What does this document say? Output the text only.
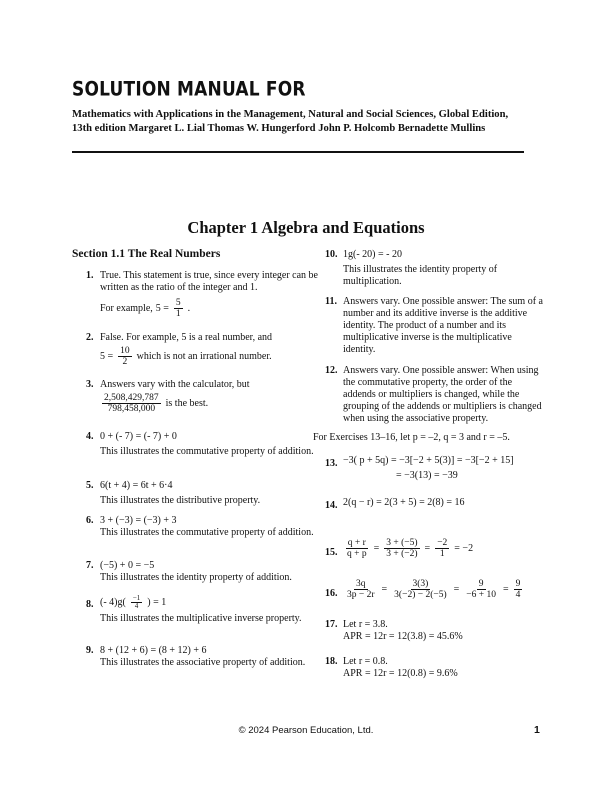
SOLUTION MANUAL FOR
Mathematics with Applications in the Management, Natural and Social Sciences, Global Edition, 13th edition Margaret L. Lial Thomas W. Hungerford John P. Holcomb Bernadette Mullins
Chapter 1 Algebra and Equations
Section 1.1 The Real Numbers
1. True. This statement is true, since every integer can be written as the ratio of the integer and 1.
For example, $5 = \frac{5}{1}$ .
2. False. For example, 5 is a real number, and
$5 = \frac{10}{2}$ which is not an irrational number.
3. Answers vary with the calculator, but
$\frac{2,508,429,787}{798,458,000}$ is the best.
4. 0 + (- 7) = (- 7) + 0
This illustrates the commutative property of addition.
5. 6(t + 4) = 6t + 6·4
This illustrates the distributive property.
6. 3 + (−3) = (−3) + 3
This illustrates the commutative property of addition.
7. (−5) + 0 = −5
This illustrates the identity property of addition.
8. (- $4)g( \frac{-1}{4}$ ) = 1
This illustrates the multiplicative inverse property.
9. 8 + (12 + 6) = (8 + 12) + 6
This illustrates the associative property of addition.
10. 1g(- 20) = - 20
This illustrates the identity property of multiplication.
11. Answers vary. One possible answer: The sum of a number and its additive inverse is the additive identity. The product of a number and its multiplicative inverse is the multiplicative identity.
12. Answers vary. One possible answer: When using the commutative property, the order of the addends or multipliers is changed, while the grouping of the addends or multipliers is changed when using the associative property.
For Exercises 13–16, let p = –2, q = 3 and r = –5.
13. −3( p + 5q) = −3[−2 + 5(3)] = −3[−2 + 15]
= −3(13) = −39
14. 2(q − r) = 2(3 + 5) = 2(8) = 16
15. $\frac{q + r}{q + p} = \frac{3 + (-5)}{3 + (-2)} = \frac{-2}{1} = -2$
16. $\frac{3q}{3p - 2r} = \frac{3(3)}{3(-2) - 2(-5)} = \frac{9}{-6 + 10} = \frac{9}{4}$
17. Let r = 3.8.
APR = 12r = 12(3.8) = 45.6%
18. Let r = 0.8.
APR = 12r = 12(0.8) = 9.6%
© 2024 Pearson Education, Ltd.	1
